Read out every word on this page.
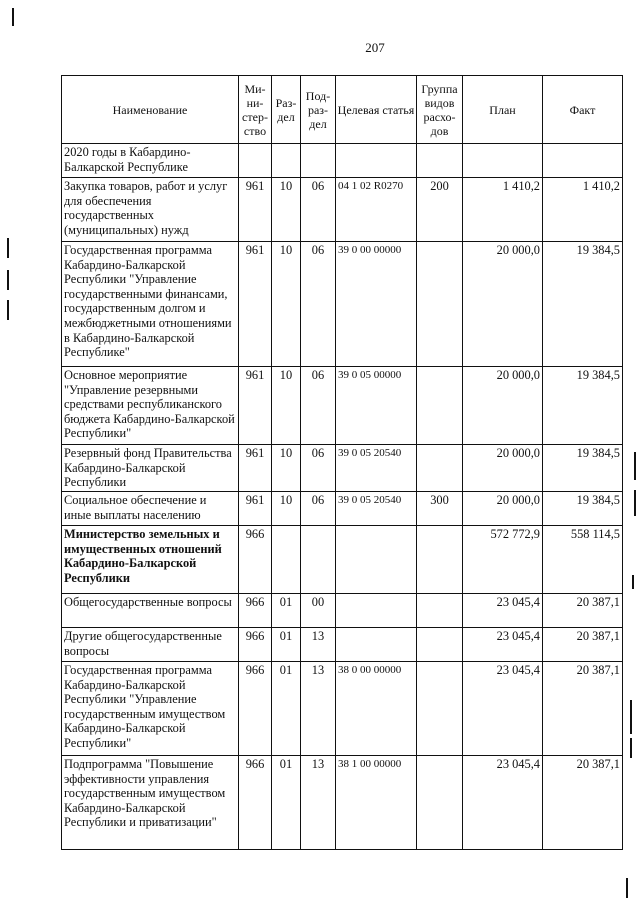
207
Наименование	Ми-ни-стер-ство	Раз-дел	Под-раз-дел	Целевая статья	Группа видов расхо-дов	План	Факт
2020 годы в Кабардино-Балкарской Республике							
Закупка товаров, работ и услуг для обеспечения государственных (муниципальных) нужд	961	10	06	04 1 02 R0270	200	1 410,2	1 410,2
Государственная программа Кабардино-Балкарской Республики "Управление государственными финансами, государственным долгом и межбюджетными отношениями в Кабардино-Балкарской Республике"	961	10	06	39 0 00 00000		20 000,0	19 384,5
Основное мероприятие "Управление резервными средствами республиканского бюджета Кабардино-Балкарской Республики"	961	10	06	39 0 05 00000		20 000,0	19 384,5
Резервный фонд Правительства Кабардино-Балкарской Республики	961	10	06	39 0 05 20540		20 000,0	19 384,5
Социальное обеспечение и иные выплаты населению	961	10	06	39 0 05 20540	300	20 000,0	19 384,5
Министерство земельных и имущественных отношений Кабардино-Балкарской Республики	966					572 772,9	558 114,5
Общегосударственные вопросы	966	01	00			23 045,4	20 387,1
Другие общегосударственные вопросы	966	01	13			23 045,4	20 387,1
Государственная программа Кабардино-Балкарской Республики "Управление государственным имуществом Кабардино-Балкарской Республики"	966	01	13	38 0 00 00000		23 045,4	20 387,1
Подпрограмма "Повышение эффективности управления государственным имуществом Кабардино-Балкарской Республики и приватизации"	966	01	13	38 1 00 00000		23 045,4	20 387,1
